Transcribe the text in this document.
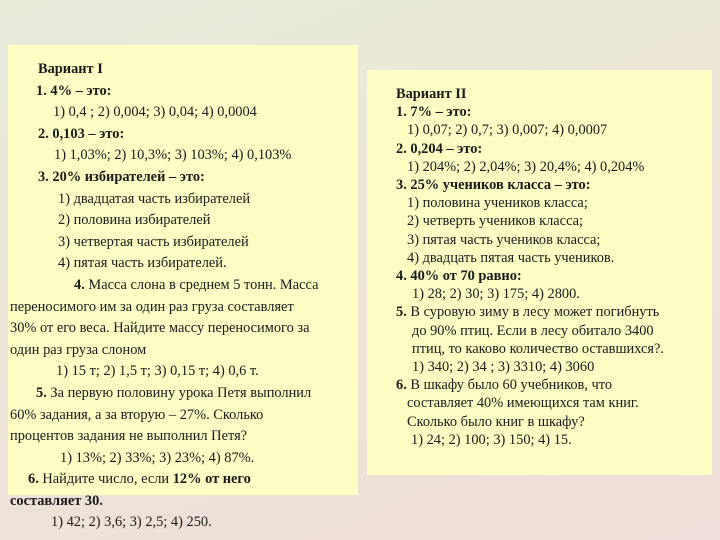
Вариант I
1. 4% – это:
1) 0,4 ; 2) 0,004; 3) 0,04; 4) 0,0004
2. 0,103 – это:
1) 1,03%; 2) 10,3%; 3) 103%; 4) 0,103%
3. 20% избирателей – это:
1) двадцатая часть избирателей
2) половина избирателей
3) четвертая часть избирателей
4) пятая часть избирателей.
4. Масса слона в среднем 5 тонн. Масса
переносимого им за один раз груза составляет
30% от его веса. Найдите массу переносимого за
один раз груза слоном
1) 15 т; 2) 1,5 т; 3) 0,15 т; 4) 0,6 т.
5. За первую половину урока Петя выполнил
60% задания, а за вторую – 27%. Сколько
процентов задания не выполнил Петя?
1) 13%; 2) 33%; 3) 23%; 4) 87%.
6. Найдите число, если 12% от него
составляет 30.
1) 42; 2) 3,6; 3) 2,5; 4) 250.
Вариант II
1. 7% – это:
1) 0,07; 2) 0,7; 3) 0,007; 4) 0,0007
2. 0,204 – это:
1) 204%; 2) 2,04%; 3) 20,4%; 4) 0,204%
3. 25% учеников класса – это:
1) половина учеников класса;
2) четверть учеников класса;
3) пятая часть учеников класса;
4) двадцать пятая часть учеников.
4. 40% от 70 равно:
1) 28; 2) 30; 3) 175; 4) 2800.
5. В суровую зиму в лесу может погибнуть
до 90% птиц. Если в лесу обитало 3400
птиц, то каково количество оставшихся?.
1) 340; 2) 34 ; 3) 3310; 4) 3060
6. В шкафу было 60 учебников, что
составляет 40% имеющихся там книг.
Сколько было книг в шкафу?
1) 24; 2) 100; 3) 150; 4) 15.
